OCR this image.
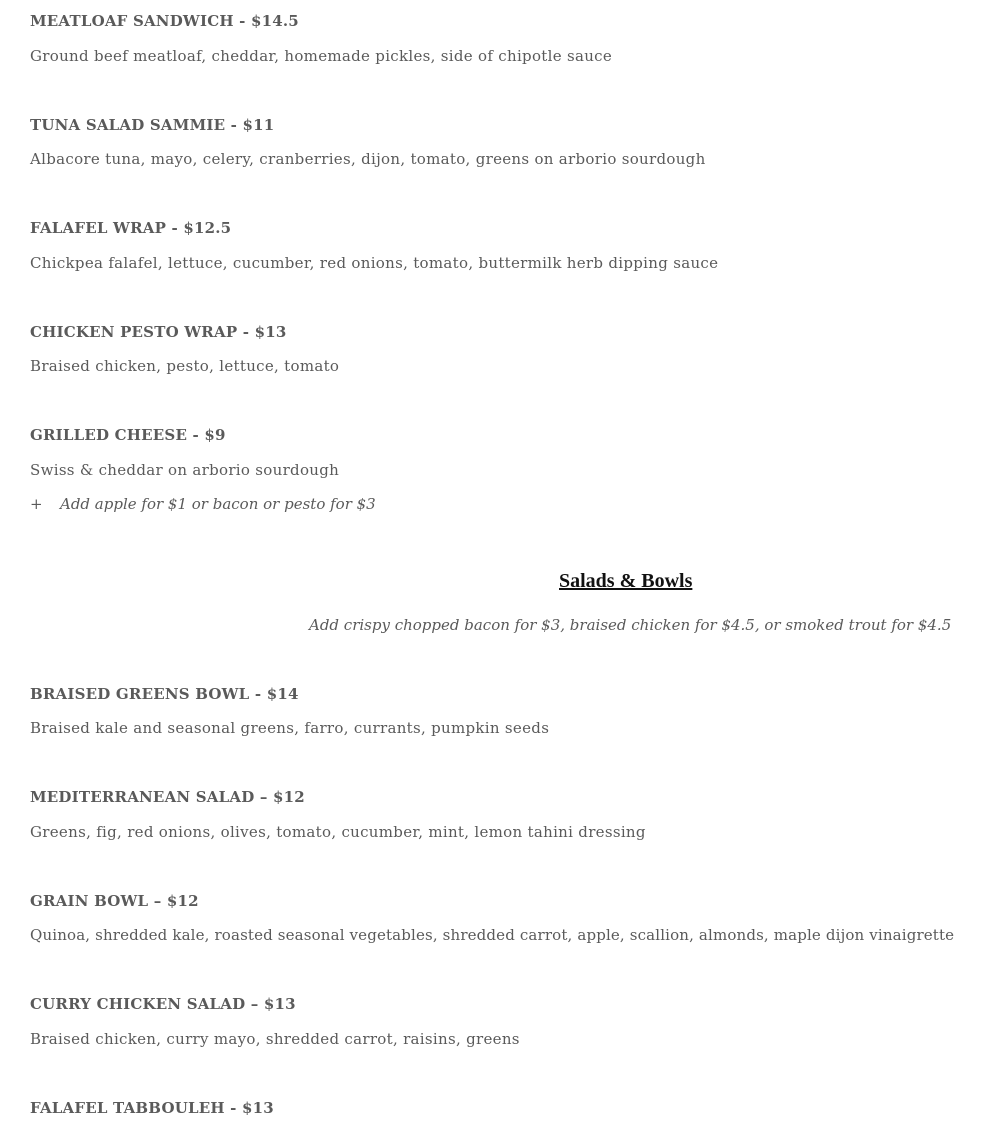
MEATLOAF SANDWICH - $14.5
Ground beef meatloaf, cheddar, homemade pickles, side of chipotle sauce
TUNA SALAD SAMMIE - $11
Albacore tuna, mayo, celery, cranberries, dijon, tomato, greens on arborio sourdough
FALAFEL WRAP - $12.5
Chickpea falafel, lettuce, cucumber, red onions, tomato, buttermilk herb dipping sauce
CHICKEN PESTO WRAP - $13
Braised chicken, pesto, lettuce, tomato
GRILLED CHEESE - $9
Swiss & cheddar on arborio sourdough
+ Add apple for $1 or bacon or pesto for $3
Salads & Bowls
Add crispy chopped bacon for $3, braised chicken for $4.5, or smoked trout for $4.5
BRAISED GREENS BOWL - $14
Braised kale and seasonal greens, farro, currants, pumpkin seeds
MEDITERRANEAN SALAD – $12
Greens, fig, red onions, olives, tomato, cucumber, mint, lemon tahini dressing
GRAIN BOWL – $12
Quinoa, shredded kale, roasted seasonal vegetables, shredded carrot, apple, scallion, almonds, maple dijon vinaigrette
CURRY CHICKEN SALAD – $13
Braised chicken, curry mayo, shredded carrot, raisins, greens
FALAFEL TABBOULEH - $13
